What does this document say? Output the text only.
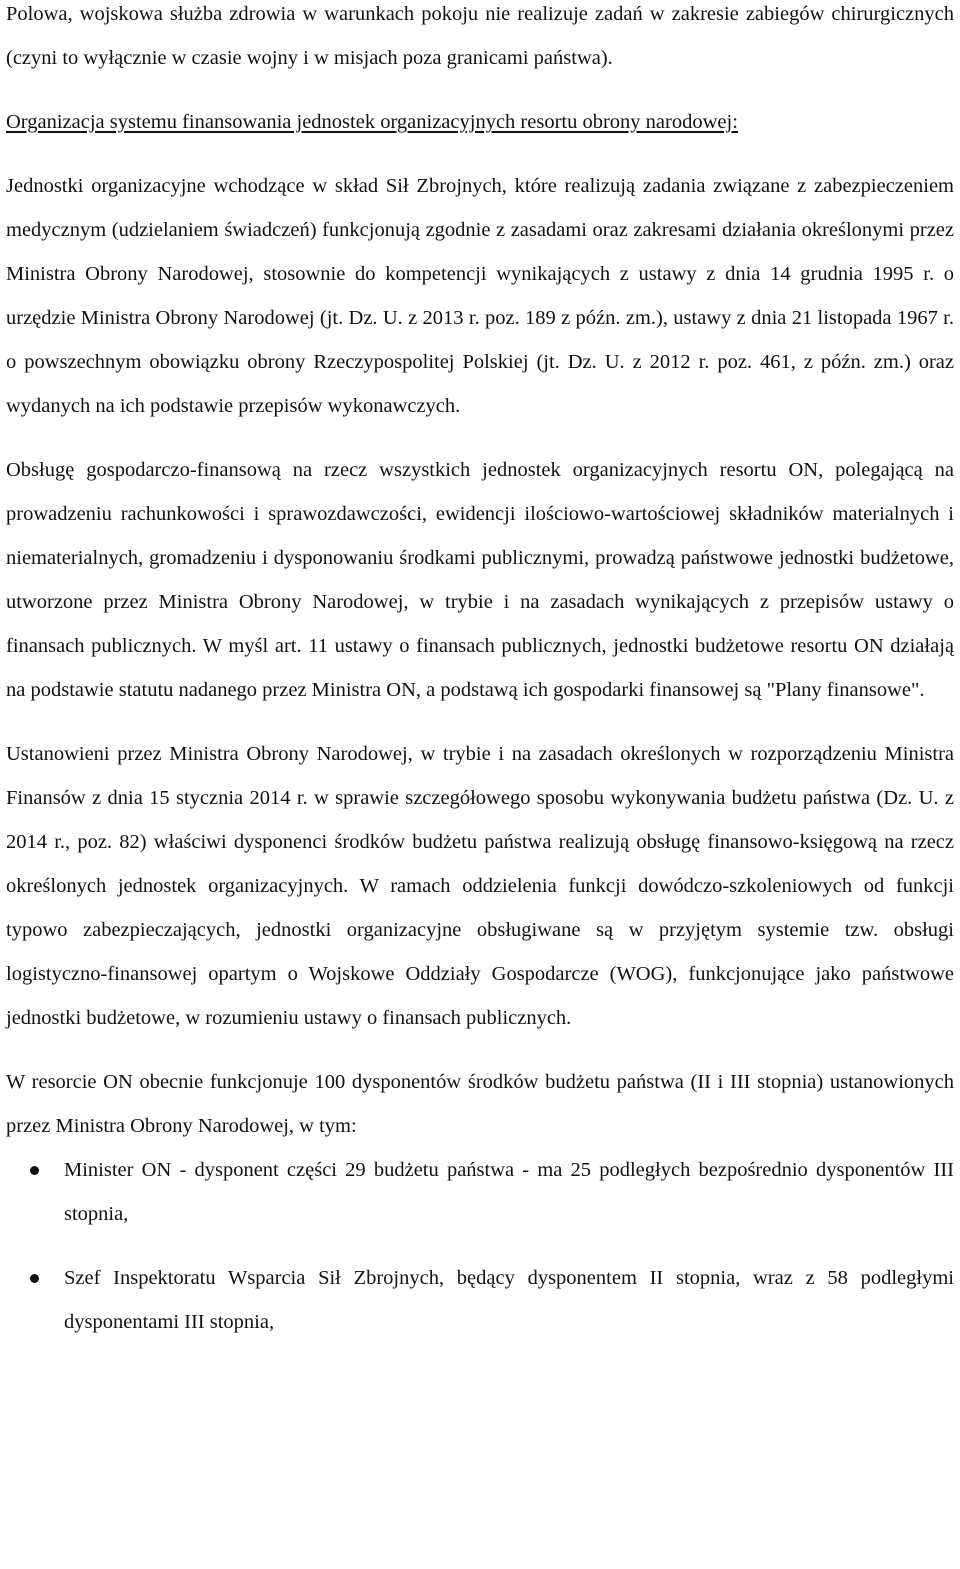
Polowa, wojskowa służba zdrowia w warunkach pokoju nie realizuje zadań w zakresie zabiegów chirurgicznych (czyni to wyłącznie w czasie wojny i w misjach poza granicami państwa).

Organizacja systemu finansowania jednostek organizacyjnych resortu obrony narodowej:

Jednostki organizacyjne wchodzące w skład Sił Zbrojnych, które realizują zadania związane z zabezpieczeniem medycznym (udzielaniem świadczeń) funkcjonują zgodnie z zasadami oraz zakresami działania określonymi przez Ministra Obrony Narodowej, stosownie do kompetencji wynikających z ustawy z dnia 14 grudnia 1995 r. o urzędzie Ministra Obrony Narodowej (jt. Dz. U. z 2013 r. poz. 189 z późn. zm.), ustawy z dnia 21 listopada 1967 r. o powszechnym obowiązku obrony Rzeczypospolitej Polskiej (jt. Dz. U. z 2012 r. poz. 461, z późn. zm.) oraz wydanych na ich podstawie przepisów wykonawczych.

Obsługę gospodarczo-finansową na rzecz wszystkich jednostek organizacyjnych resortu ON, polegającą na prowadzeniu rachunkowości i sprawozdawczości, ewidencji ilościowo-wartościowej składników materialnych i niematerialnych, gromadzeniu i dysponowaniu środkami publicznymi, prowadzą państwowe jednostki budżetowe, utworzone przez Ministra Obrony Narodowej, w trybie i na zasadach wynikających z przepisów ustawy o finansach publicznych. W myśl art. 11 ustawy o finansach publicznych, jednostki budżetowe resortu ON działają na podstawie statutu nadanego przez Ministra ON, a podstawą ich gospodarki finansowej są "Plany finansowe".

Ustanowieni przez Ministra Obrony Narodowej, w trybie i na zasadach określonych w rozporządzeniu Ministra Finansów z dnia 15 stycznia 2014 r. w sprawie szczegółowego sposobu wykonywania budżetu państwa (Dz. U. z 2014 r., poz. 82) właściwi dysponenci środków budżetu państwa realizują obsługę finansowo-księgową na rzecz określonych jednostek organizacyjnych. W ramach oddzielenia funkcji dowódczo-szkoleniowych od funkcji typowo zabezpieczających, jednostki organizacyjne obsługiwane są w przyjętym systemie tzw. obsługi logistyczno-finansowej opartym o Wojskowe Oddziały Gospodarcze (WOG), funkcjonujące jako państwowe jednostki budżetowe, w rozumieniu ustawy o finansach publicznych.

W resorcie ON obecnie funkcjonuje 100 dysponentów środków budżetu państwa (II i III stopnia) ustanowionych przez Ministra Obrony Narodowej, w tym:

Minister ON - dysponent części 29 budżetu państwa - ma 25 podległych bezpośrednio dysponentów III stopnia,
Szef Inspektoratu Wsparcia Sił Zbrojnych, będący dysponentem II stopnia, wraz z 58 podległymi dysponentami III stopnia,
